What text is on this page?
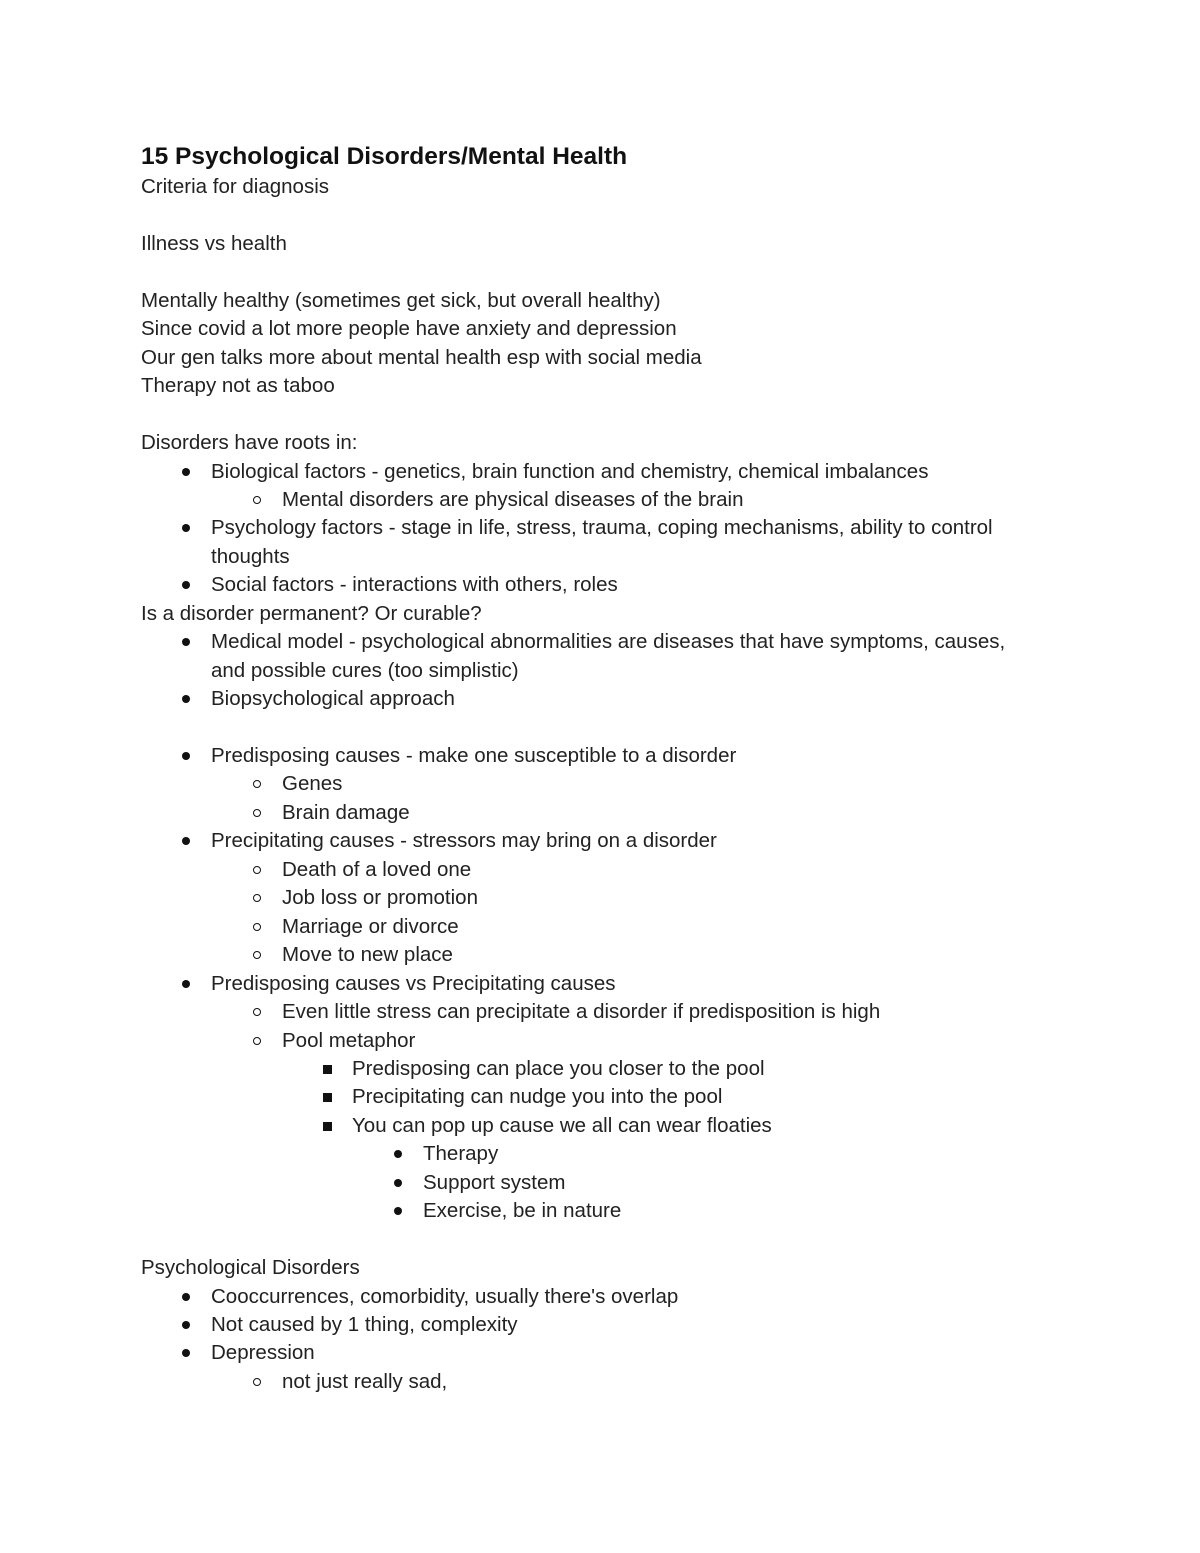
15 Psychological Disorders/Mental Health
Criteria for diagnosis
Illness vs health
Mentally healthy (sometimes get sick, but overall healthy)
Since covid a lot more people have anxiety and depression
Our gen talks more about mental health esp with social media
Therapy not as taboo
Disorders have roots in:
Biological factors - genetics, brain function and chemistry, chemical imbalances
Mental disorders are physical diseases of the brain
Psychology factors - stage in life, stress, trauma, coping mechanisms, ability to control
thoughts
Social factors - interactions with others, roles
Is a disorder permanent? Or curable?
Medical model - psychological abnormalities are diseases that have symptoms, causes,
and possible cures (too simplistic)
Biopsychological approach
Predisposing causes - make one susceptible to a disorder
Genes
Brain damage
Precipitating causes - stressors may bring on a disorder
Death of a loved one
Job loss or promotion
Marriage or divorce
Move to new place
Predisposing causes vs Precipitating causes
Even little stress can precipitate a disorder if predisposition is high
Pool metaphor
Predisposing can place you closer to the pool
Precipitating can nudge you into the pool
You can pop up cause we all can wear floaties
Therapy
Support system
Exercise, be in nature
Psychological Disorders
Cooccurrences, comorbidity, usually there's overlap
Not caused by 1 thing, complexity
Depression
not just really sad,
